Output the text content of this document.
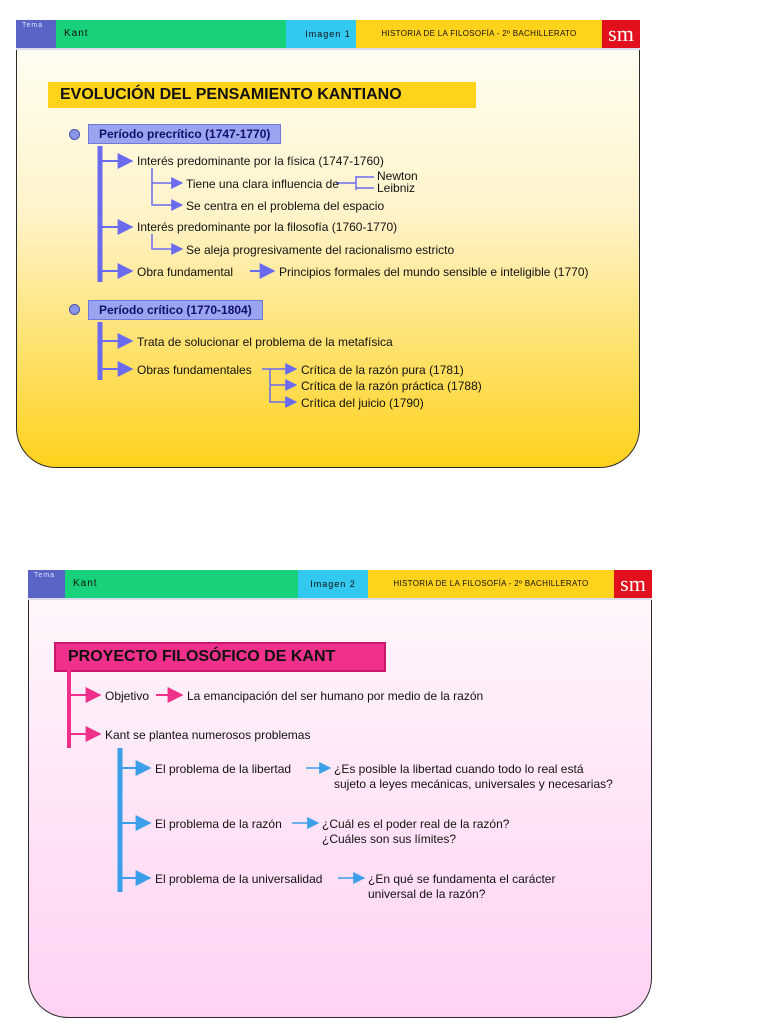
Tema
Kant	Imagen 1	HISTORIA DE LA FILOSOFÍA - 2º BACHILLERATO	sm
EVOLUCIÓN DEL PENSAMIENTO KANTIANO
Período precrítico (1747-1770)
Interés predominante por la física (1747-1760)
Tiene una clara influencia de
Newton
Leibniz
Se centra en el problema del espacio
Interés predominante por la filosofía (1760-1770)
Se aleja progresivamente del racionalismo estricto
Obra fundamental	Principios formales del mundo sensible e inteligible (1770)
Período crítico (1770-1804)
Trata de solucionar el problema de la metafísica
Obras fundamentales	Crítica de la razón pura (1781)
Crítica de la razón práctica (1788)
Crítica del juicio (1790)
Tema
Kant	Imagen 2	HISTORIA DE LA FILOSOFÍA - 2º BACHILLERATO	sm
PROYECTO FILOSÓFICO DE KANT
Objetivo	La emancipación del ser humano por medio de la razón
Kant se plantea numerosos problemas
El problema de la libertad	¿Es posible la libertad cuando todo lo real está
sujeto a leyes mecánicas, universales y necesarias?
El problema de la razón	¿Cuál es el poder real de la razón?
¿Cuáles son sus límites?
El problema de la universalidad	¿En qué se fundamenta el carácter
universal de la razón?
